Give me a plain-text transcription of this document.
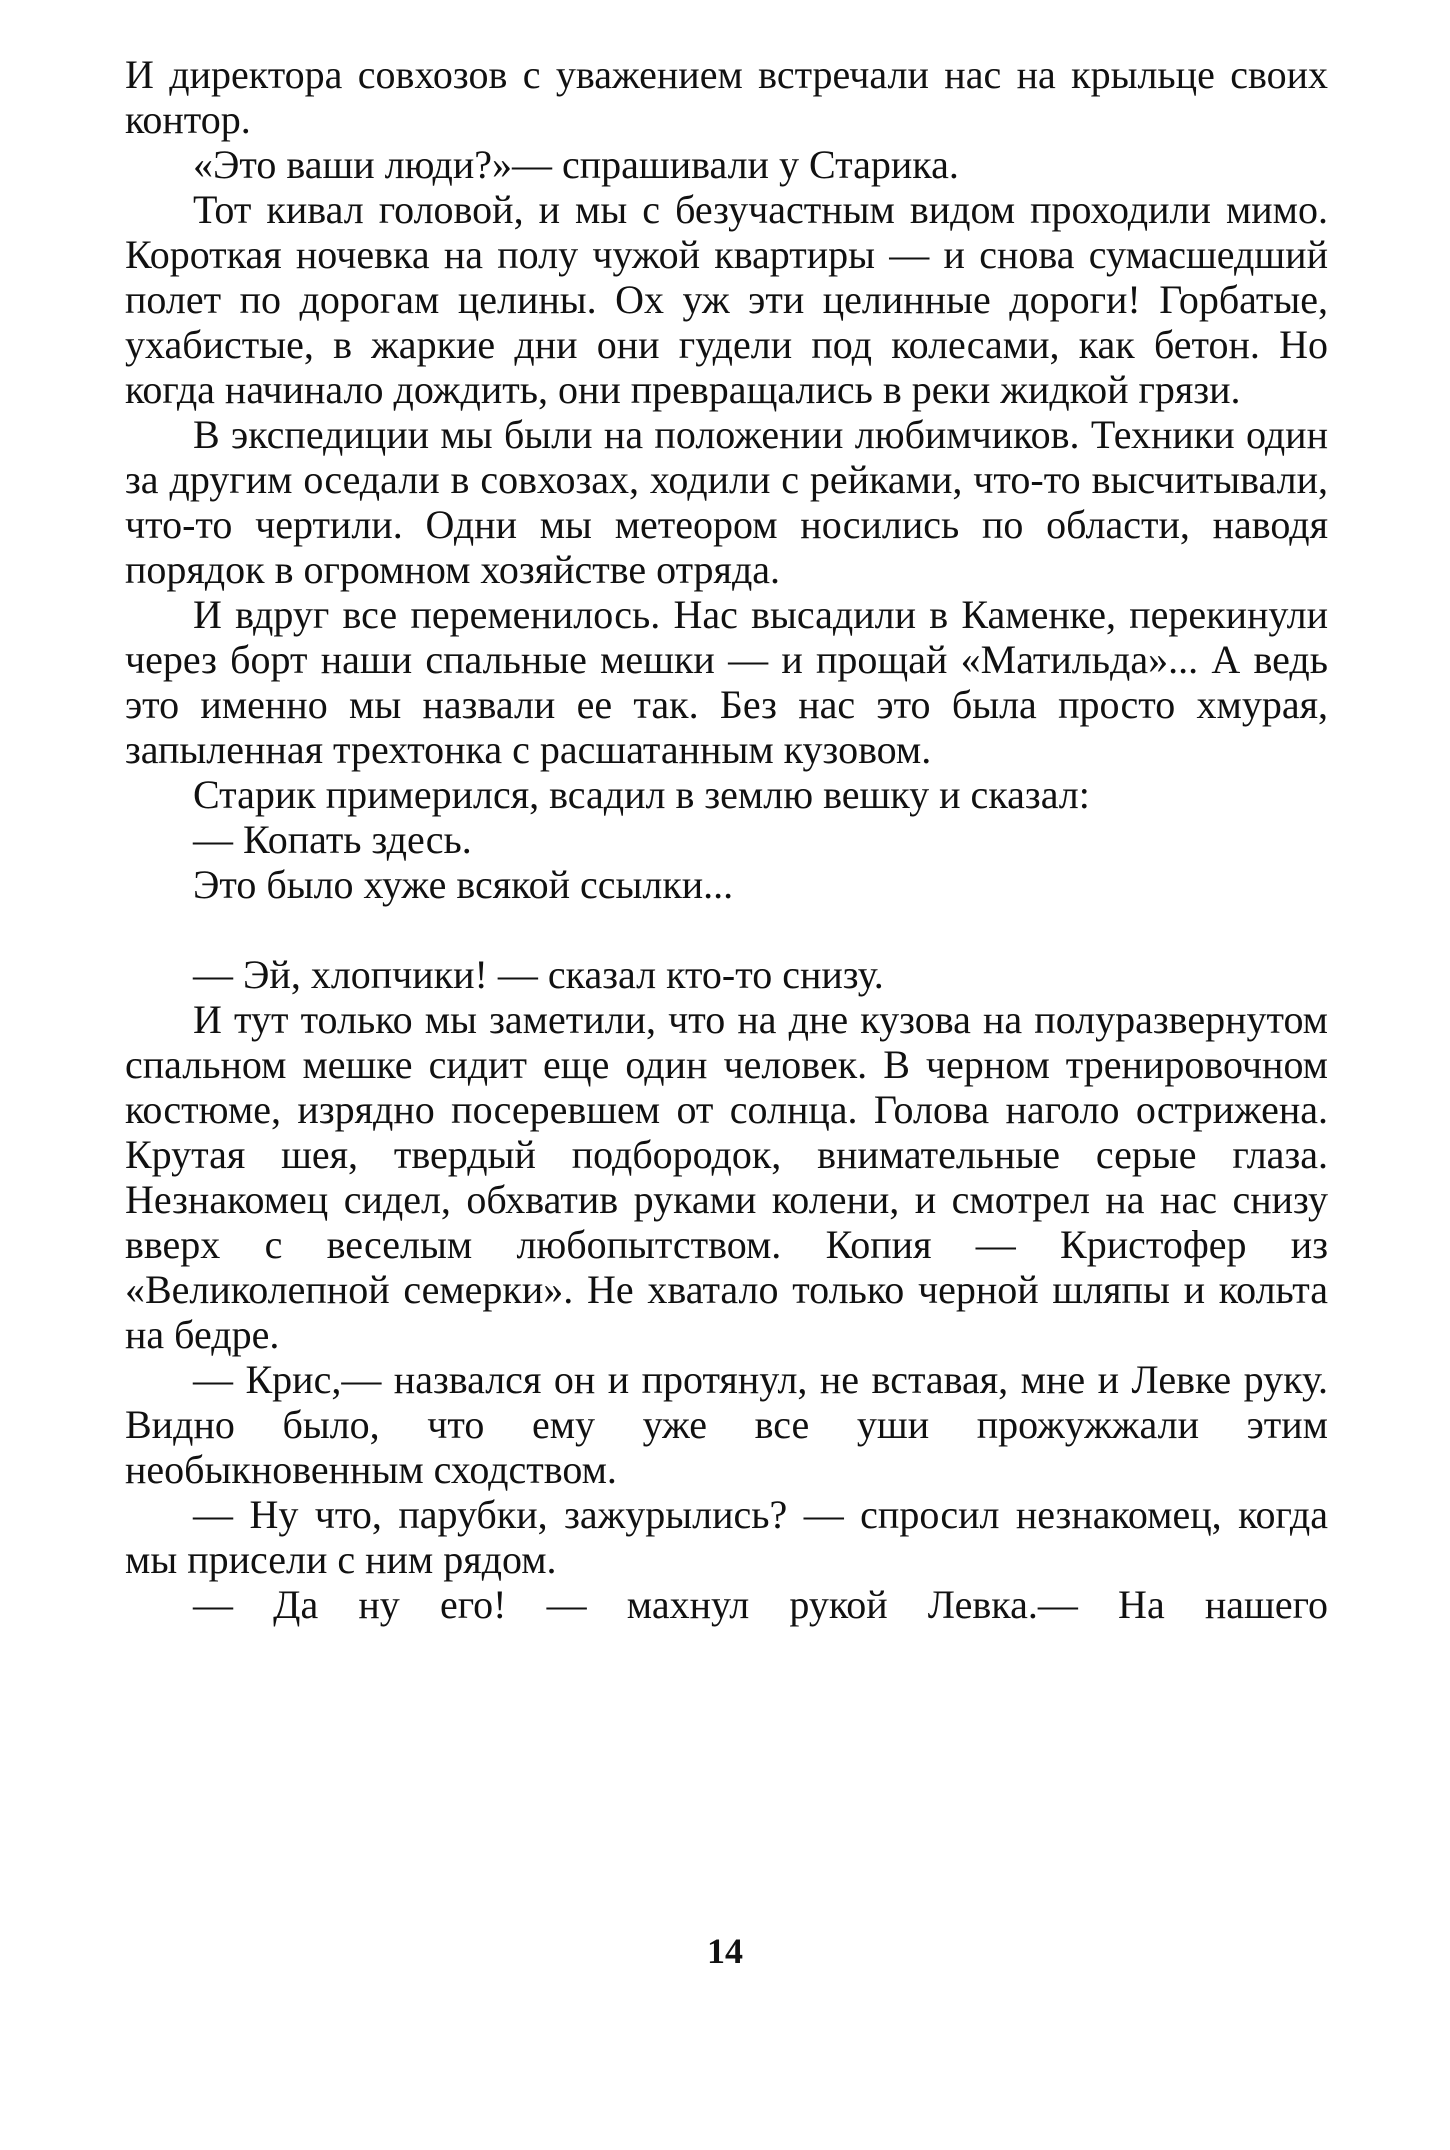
И директора совхозов с уважением встречали нас на крыльце своих контор.

«Это ваши люди?»— спрашивали у Старика.

Тот кивал головой, и мы с безучастным видом проходили мимо. Короткая ночевка на полу чужой квартиры — и снова сумасшедший полет по дорогам целины. Ох уж эти целинные дороги! Горбатые, ухабистые, в жаркие дни они гудели под колесами, как бетон. Но когда начинало дождить, они превращались в реки жидкой грязи.

В экспедиции мы были на положении любимчиков. Техники один за другим оседали в совхозах, ходили с рейками, что-то высчитывали, что-то чертили. Одни мы метеором носились по области, наводя порядок в огромном хозяйстве отряда.

И вдруг все переменилось. Нас высадили в Каменке, перекинули через борт наши спальные мешки — и прощай «Матильда»... А ведь это именно мы назвали ее так. Без нас это была просто хмурая, запыленная трехтонка с расшатанным кузовом.

Старик примерился, всадил в землю вешку и сказал:

— Копать здесь.

Это было хуже всякой ссылки...

— Эй, хлопчики! — сказал кто-то снизу.

И тут только мы заметили, что на дне кузова на полуразвернутом спальном мешке сидит еще один человек. В черном тренировочном костюме, изрядно посеревшем от солнца. Голова наголо острижена. Крутая шея, твердый подбородок, внимательные серые глаза. Незнакомец сидел, обхватив руками колени, и смотрел на нас снизу вверх с веселым любопытством. Копия — Кристофер из «Великолепной семерки». Не хватало только черной шляпы и кольта на бедре.

— Крис,— назвался он и протянул, не вставая, мне и Левке руку. Видно было, что ему уже все уши прожужжали этим необыкновенным сходством.

— Ну что, парубки, зажурылись? — спросил незнакомец, когда мы присели с ним рядом.

— Да ну его! — махнул рукой Левка.— На нашего

14
